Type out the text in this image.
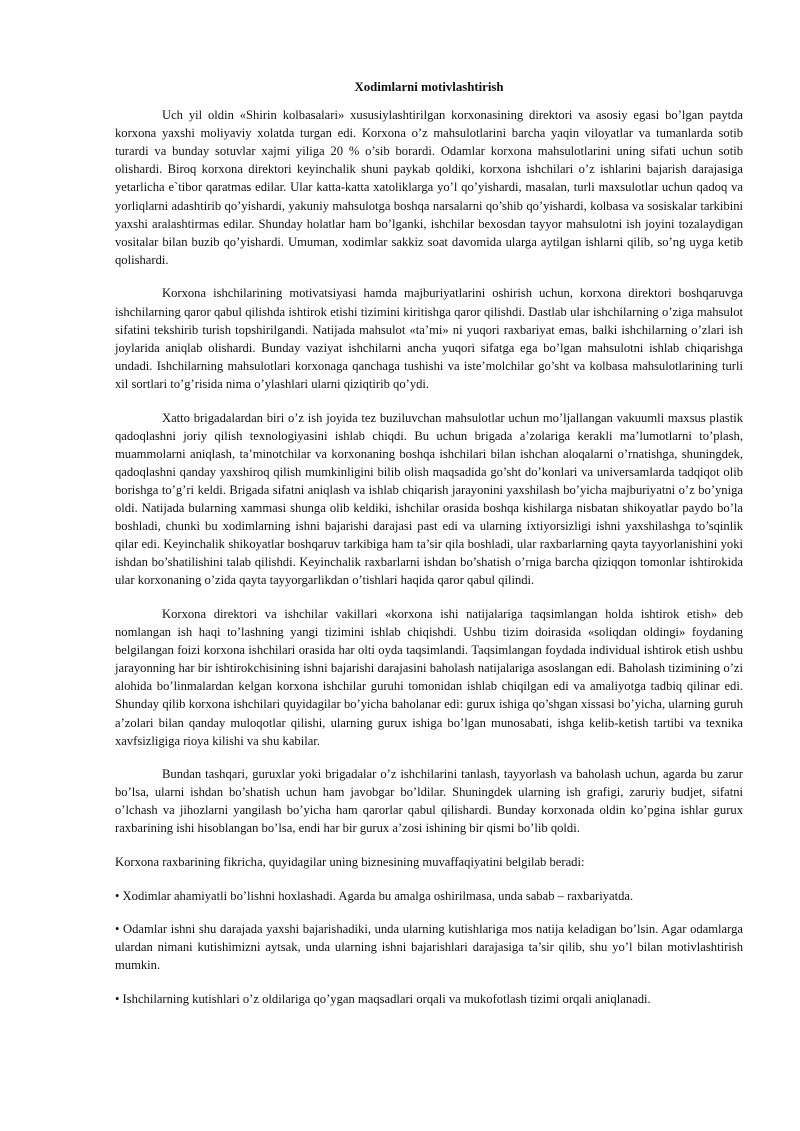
Xodimlarni motivlashtirish

Uch yil oldin «Shirin kolbasalari» xususiylashtirilgan korxonasining direktori va asosiy egasi bo’lgan paytda korxona yaxshi moliyaviy xolatda turgan edi. Korxona o’z mahsulotlarini barcha yaqin viloyatlar va tumanlarda sotib turardi va bunday sotuvlar xajmi yiliga 20 % o’sib borardi. Odamlar korxona mahsulotlarini uning sifati uchun sotib olishardi. Biroq korxona direktori keyinchalik shuni paykab qoldiki, korxona ishchilari o’z ishlarini bajarish darajasiga yetarlicha e`tibor qaratmas edilar. Ular katta-katta xatoliklarga yo’l qo’yishardi, masalan, turli maxsulotlar uchun qadoq va yorliqlarni adashtirib qo’yishardi, yakuniy mahsulotga boshqa narsalarni qo’shib qo’yishardi, kolbasa va sosiskalar tarkibini yaxshi aralashtirmas edilar. Shunday holatlar ham bo’lganki, ishchilar bexosdan tayyor mahsulotni ish joyini tozalaydigan vositalar bilan buzib qo’yishardi. Umuman, xodimlar sakkiz soat davomida ularga aytilgan ishlarni qilib, so’ng uyga ketib qolishardi.

Korxona ishchilarining motivatsiyasi hamda majburiyatlarini oshirish uchun, korxona direktori boshqaruvga ishchilarning qaror qabul qilishda ishtirok etishi tizimini kiritishga qaror qilishdi. Dastlab ular ishchilarning o’ziga mahsulot sifatini tekshirib turish topshirilgandi. Natijada mahsulot «ta’mi» ni yuqori raxbariyat emas, balki ishchilarning o’zlari ish joylarida aniqlab olishardi. Bunday vaziyat ishchilarni ancha yuqori sifatga ega bo’lgan mahsulotni ishlab chiqarishga undadi. Ishchilarning mahsulotlari korxonaga qanchaga tushishi va iste’molchilar go’sht va kolbasa mahsulotlarining turli xil sortlari to’g’risida nima o’ylashlari ularni qiziqtirib qo’ydi.

Xatto brigadalardan biri o’z ish joyida tez buziluvchan mahsulotlar uchun mo’ljallangan vakuumli maxsus plastik qadoqlashni joriy qilish texnologiyasini ishlab chiqdi. Bu uchun brigada a’zolariga kerakli ma’lumotlarni to’plash, muammolarni aniqlash, ta’minotchilar va korxonaning boshqa ishchilari bilan ishchan aloqalarni o’rnatishga, shuningdek, qadoqlashni qanday yaxshiroq qilish mumkinligini bilib olish maqsadida go’sht do’konlari va universamlarda tadqiqot olib borishga to’g’ri keldi. Brigada sifatni aniqlash va ishlab chiqarish jarayonini yaxshilash bo’yicha majburiyatni o’z bo’yniga oldi. Natijada bularning xammasi shunga olib keldiki, ishchilar orasida boshqa kishilarga nisbatan shikoyatlar paydo bo’la boshladi, chunki bu xodimlarning ishni bajarishi darajasi past edi va ularning ixtiyorsizligi ishni yaxshilashga to’sqinlik qilar edi. Keyinchalik shikoyatlar boshqaruv tarkibiga ham ta’sir qila boshladi, ular raxbarlarning qayta tayyorlanishini yoki ishdan bo’shatilishini talab qilishdi. Keyinchalik raxbarlarni ishdan bo’shatish o’rniga barcha qiziqqon tomonlar ishtirokida ular korxonaning o’zida qayta tayyorgarlikdan o’tishlari haqida qaror qabul qilindi.

Korxona direktori va ishchilar vakillari «korxona ishi natijalariga taqsimlangan holda ishtirok etish» deb nomlangan ish haqi to’lashning yangi tizimini ishlab chiqishdi. Ushbu tizim doirasida «soliqdan oldingi» foydaning belgilangan foizi korxona ishchilari orasida har olti oyda taqsimlandi. Taqsimlangan foydada individual ishtirok etish ushbu jarayonning har bir ishtirokchisining ishni bajarishi darajasini baholash natijalariga asoslangan edi. Baholash tizimining o’zi alohida bo’linmalardan kelgan korxona ishchilar guruhi tomonidan ishlab chiqilgan edi va amaliyotga tadbiq qilinar edi. Shunday qilib korxona ishchilari quyidagilar bo’yicha baholanar edi: gurux ishiga qo’shgan xissasi bo’yicha, ularning guruh a’zolari bilan qanday muloqotlar qilishi, ularning gurux ishiga bo’lgan munosabati, ishga kelib-ketish tartibi va texnika xavfsizligiga rioya kilishi va shu kabilar.

Bundan tashqari, guruxlar yoki brigadalar o’z ishchilarini tanlash, tayyorlash va baholash uchun, agarda bu zarur bo’lsa, ularni ishdan bo’shatish uchun ham javobgar bo’ldilar. Shuningdek ularning ish grafigi, zaruriy budjet, sifatni o’lchash va jihozlarni yangilash bo’yicha ham qarorlar qabul qilishardi. Bunday korxonada oldin ko’pgina ishlar gurux raxbarining ishi hisoblangan bo’lsa, endi har bir gurux a’zosi ishining bir qismi bo’lib qoldi.

Korxona raxbarining fikricha, quyidagilar uning biznesining muvaffaqiyatini belgilab beradi:

• Xodimlar ahamiyatli bo’lishni hoxlashadi. Agarda bu amalga oshirilmasa, unda sabab – raxbariyatda.

• Odamlar ishni shu darajada yaxshi bajarishadiki, unda ularning kutishlariga mos natija keladigan bo’lsin. Agar odamlarga ulardan nimani kutishimizni aytsak, unda ularning ishni bajarishlari darajasiga ta’sir qilib, shu yo’l bilan motivlashtirish mumkin.

• Ishchilarning kutishlari o’z oldilariga qo’ygan maqsadlari orqali va mukofotlash tizimi orqali aniqlanadi.
